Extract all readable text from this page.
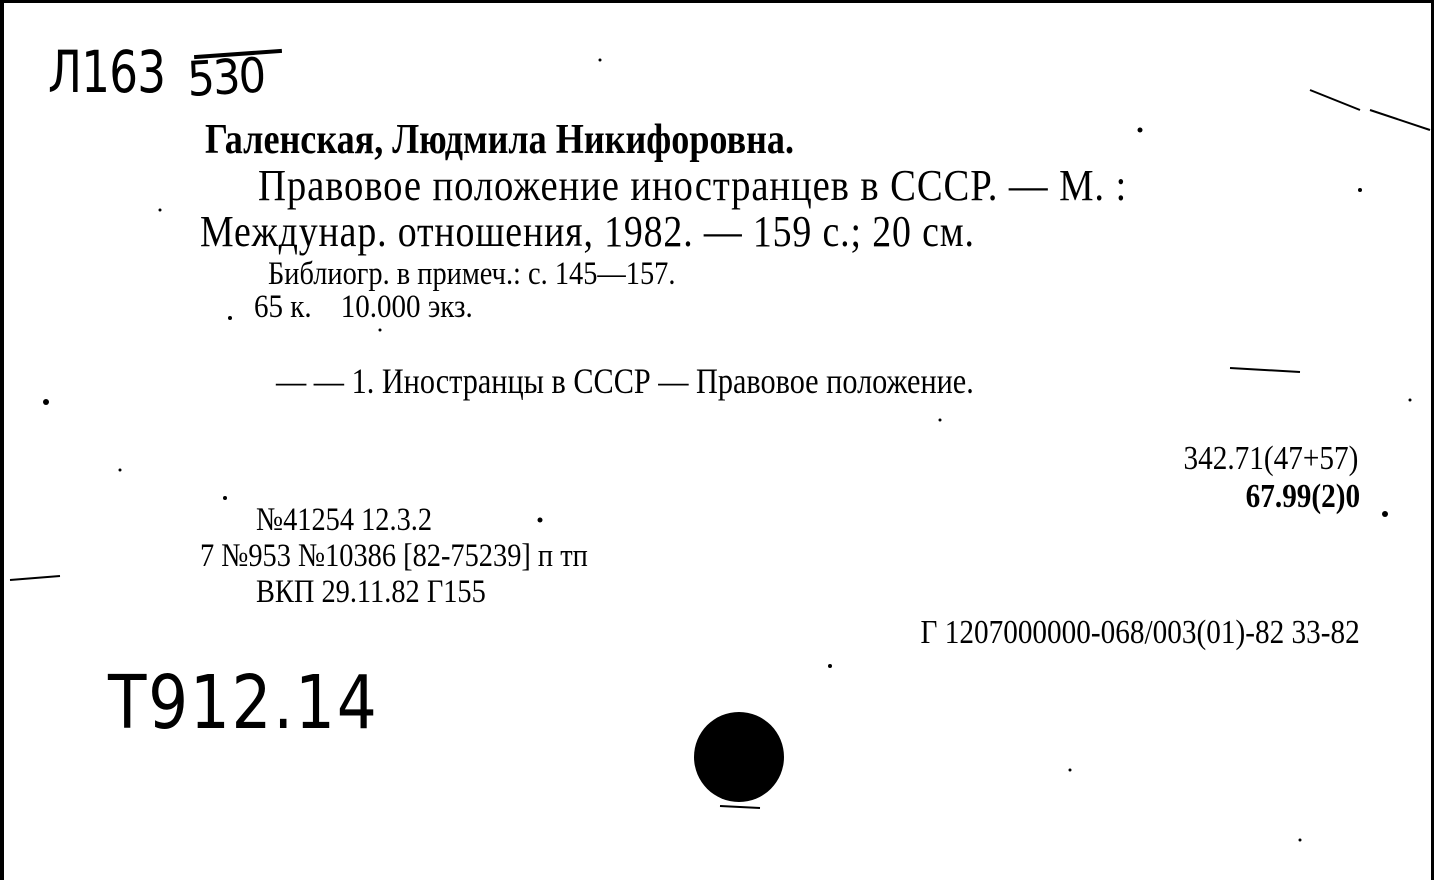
Л163 530
Галенская, Людмила Никифоровна.
Правовое положение иностранцев в СССР. — М. :
Междунар. отношения, 1982. — 159 с.; 20 см.
Библиогр. в примеч.: с. 145—157.
65 к.    10.000 экз.
— — 1. Иностранцы в СССР — Правовое положение.
342.71(47+57)
67.99(2)0
№41254 12.3.2
7 №953 №10386 [82-75239] п тп
ВКП 29.11.82 Г155
Г 1207000000-068/003(01)-82 33-82
Т912.14
